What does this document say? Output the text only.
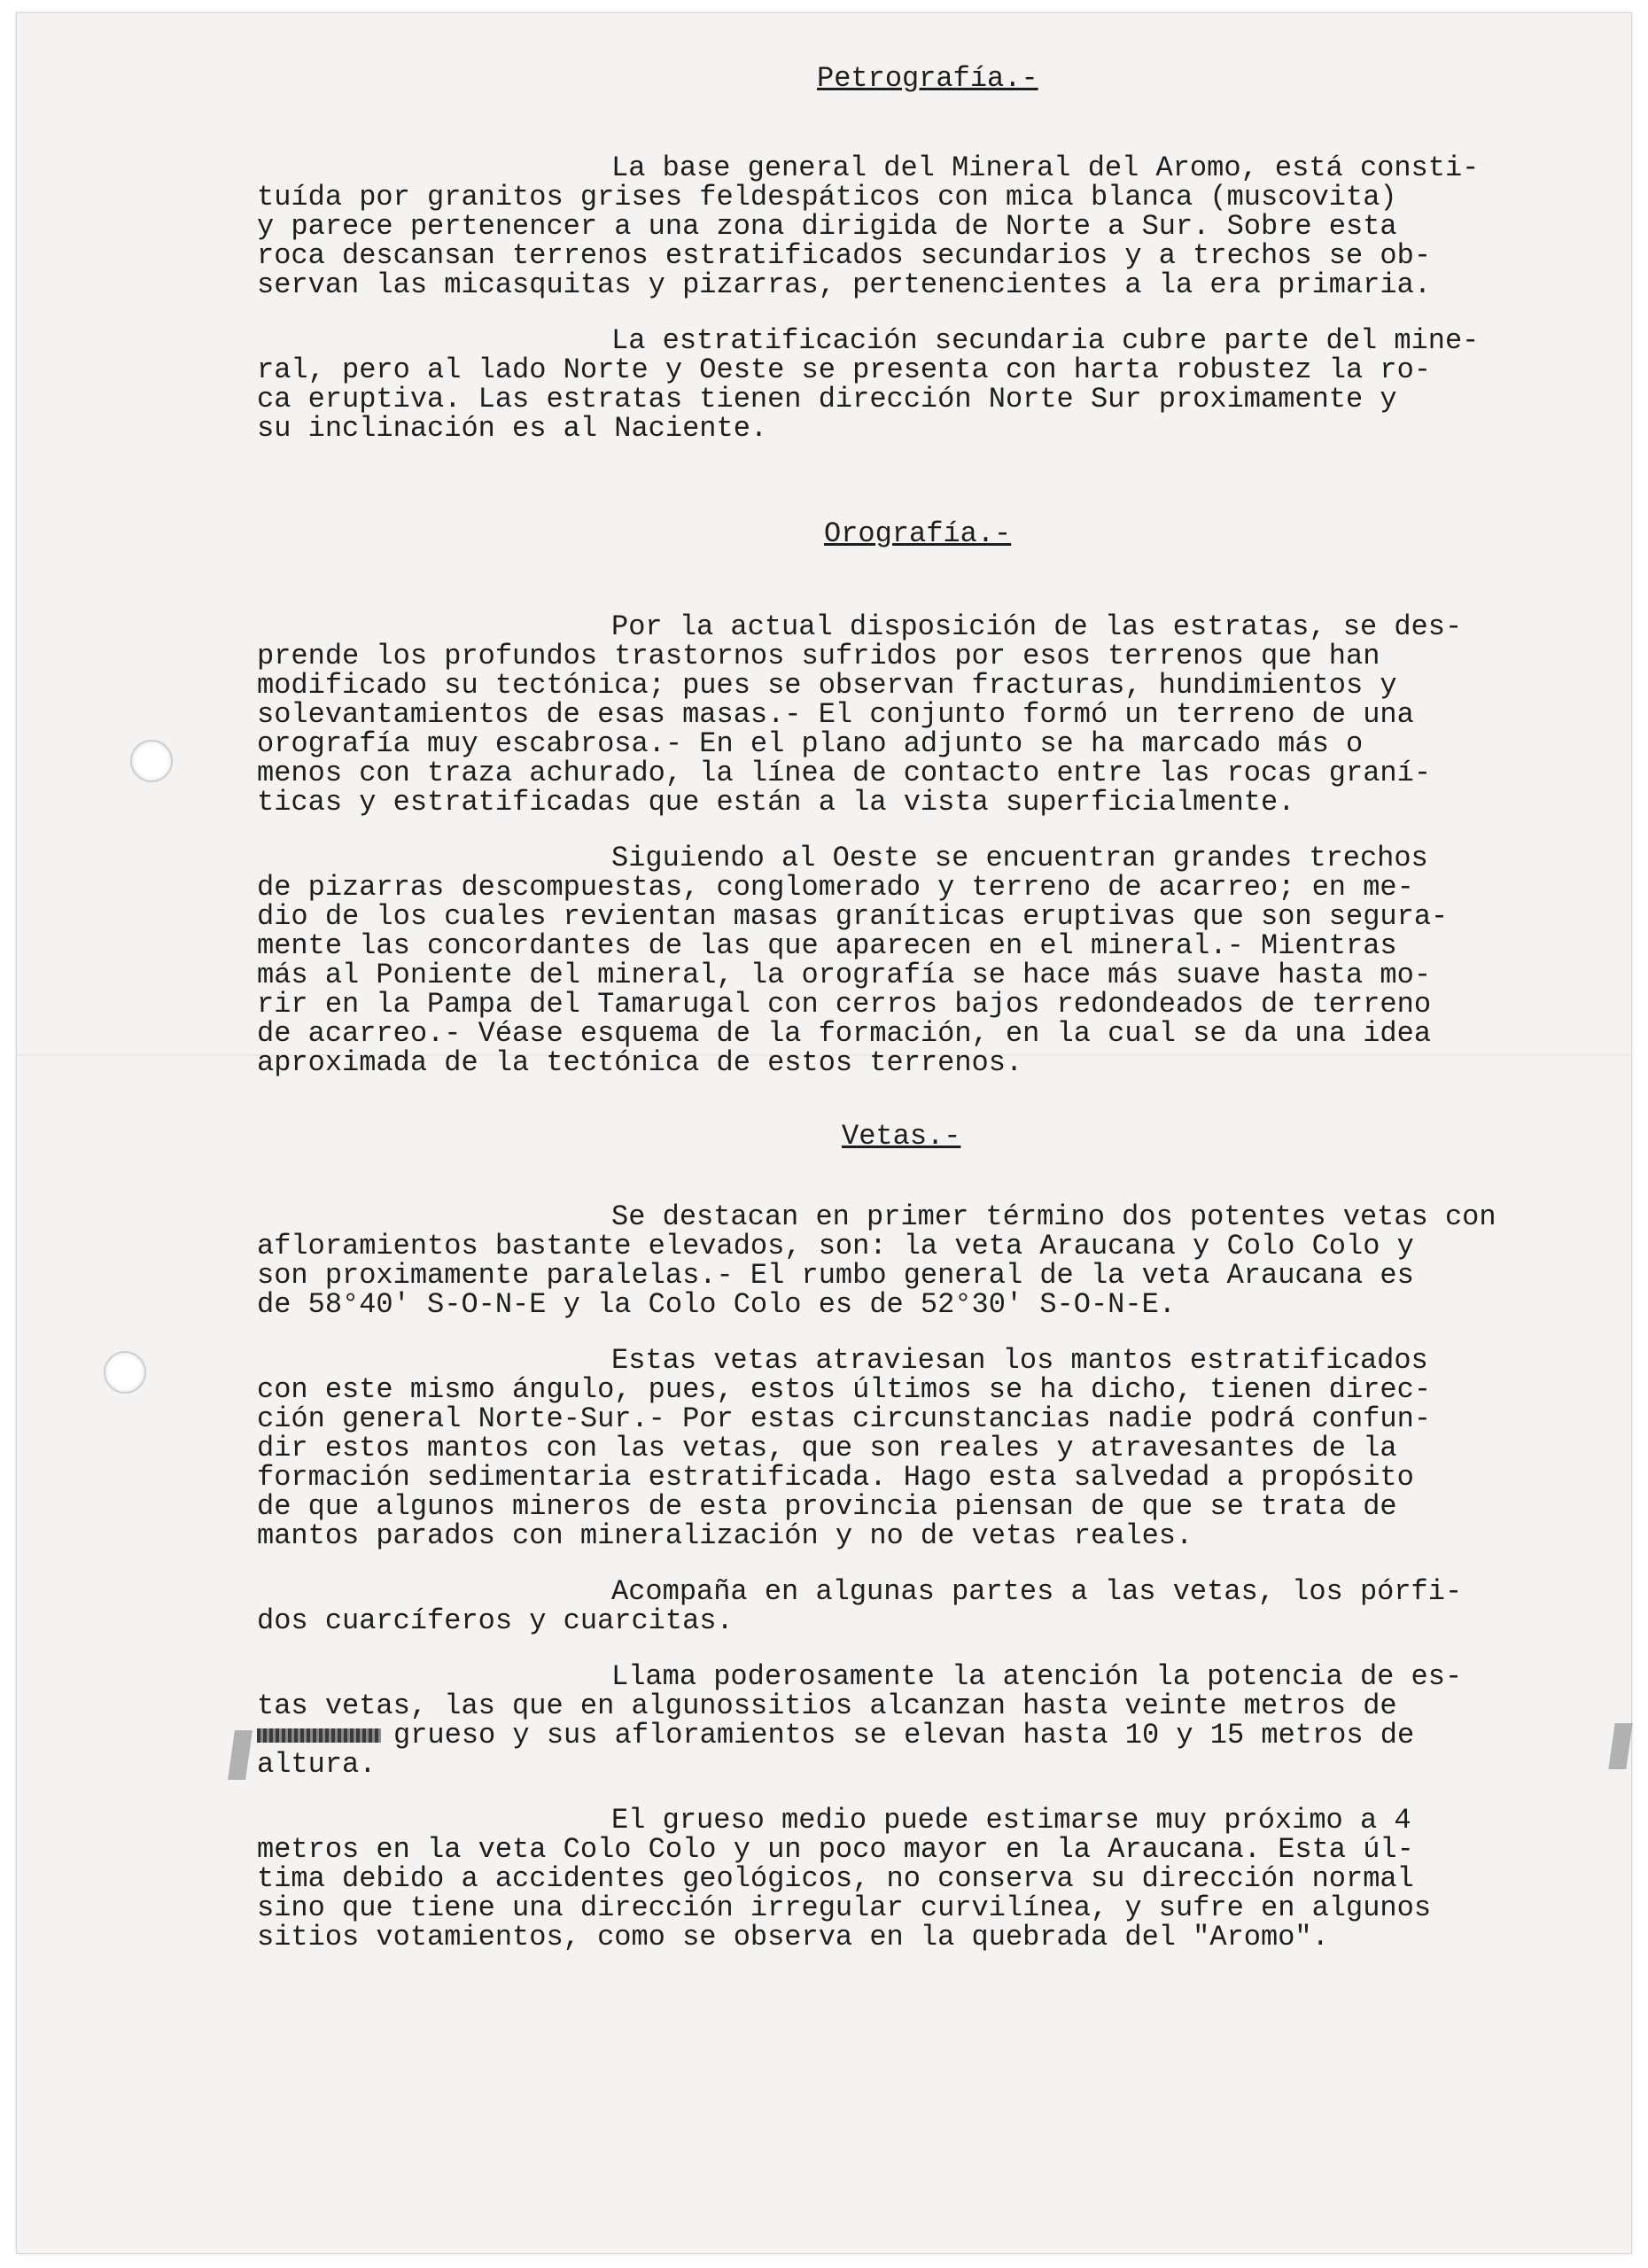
Petrografía.-
La base general del Mineral del Aromo, está consti-
tuída por granitos grises feldespáticos con mica blanca (muscovita)
y parece pertenencer a una zona dirigida de Norte a Sur. Sobre esta
roca descansan terrenos estratificados secundarios y a trechos se ob-
servan las micasquitas y pizarras, pertenencientes a la era primaria.
La estratificación secundaria cubre parte del mine-
ral, pero al lado Norte y Oeste se presenta con harta robustez la ro-
ca eruptiva. Las estratas tienen dirección Norte Sur proximamente y
su inclinación es al Naciente.
Orografía.-
Por la actual disposición de las estratas, se des-
prende los profundos trastornos sufridos por esos terrenos que han
modificado su tectónica; pues se observan fracturas, hundimientos y
solevantamientos de esas masas.- El conjunto formó un terreno de una
orografía muy escabrosa.- En el plano adjunto se ha marcado más o
menos con traza achurado, la línea de contacto entre las rocas graní-
ticas y estratificadas que están a la vista superficialmente.
Siguiendo al Oeste se encuentran grandes trechos
de pizarras descompuestas, conglomerado y terreno de acarreo; en me-
dio de los cuales revientan masas graníticas eruptivas que son segura-
mente las concordantes de las que aparecen en el mineral.- Mientras
más al Poniente del mineral, la orografía se hace más suave hasta mo-
rir en la Pampa del Tamarugal con cerros bajos redondeados de terreno
de acarreo.- Véase esquema de la formación, en la cual se da una idea
aproximada de la tectónica de estos terrenos.
Vetas.-
Se destacan en primer término dos potentes vetas con
afloramientos bastante elevados, son: la veta Araucana y Colo Colo y
son proximamente paralelas.- El rumbo general de la veta Araucana es
de 58°40' S-O-N-E y la Colo Colo es de 52°30' S-O-N-E.
Estas vetas atraviesan los mantos estratificados
con este mismo ángulo, pues, estos últimos se ha dicho, tienen direc-
ción general Norte-Sur.- Por estas circunstancias nadie podrá confun-
dir estos mantos con las vetas, que son reales y atravesantes de la
formación sedimentaria estratificada. Hago esta salvedad a propósito
de que algunos mineros de esta provincia piensan de que se trata de
mantos parados con mineralización y no de vetas reales.
Acompaña en algunas partes a las vetas, los pórfi-
dos cuarcíferos y cuarcitas.
Llama poderosamente la atención la potencia de es-
tas vetas, las que en algunossitios alcanzan hasta veinte metros de
grueso y sus afloramientos se elevan hasta 10 y 15 metros de
altura.
El grueso medio puede estimarse muy próximo a 4
metros en la veta Colo Colo y un poco mayor en la Araucana. Esta úl-
tima debido a accidentes geológicos, no conserva su dirección normal
sino que tiene una dirección irregular curvilínea, y sufre en algunos
sitios votamientos, como se observa en la quebrada del "Aromo".
